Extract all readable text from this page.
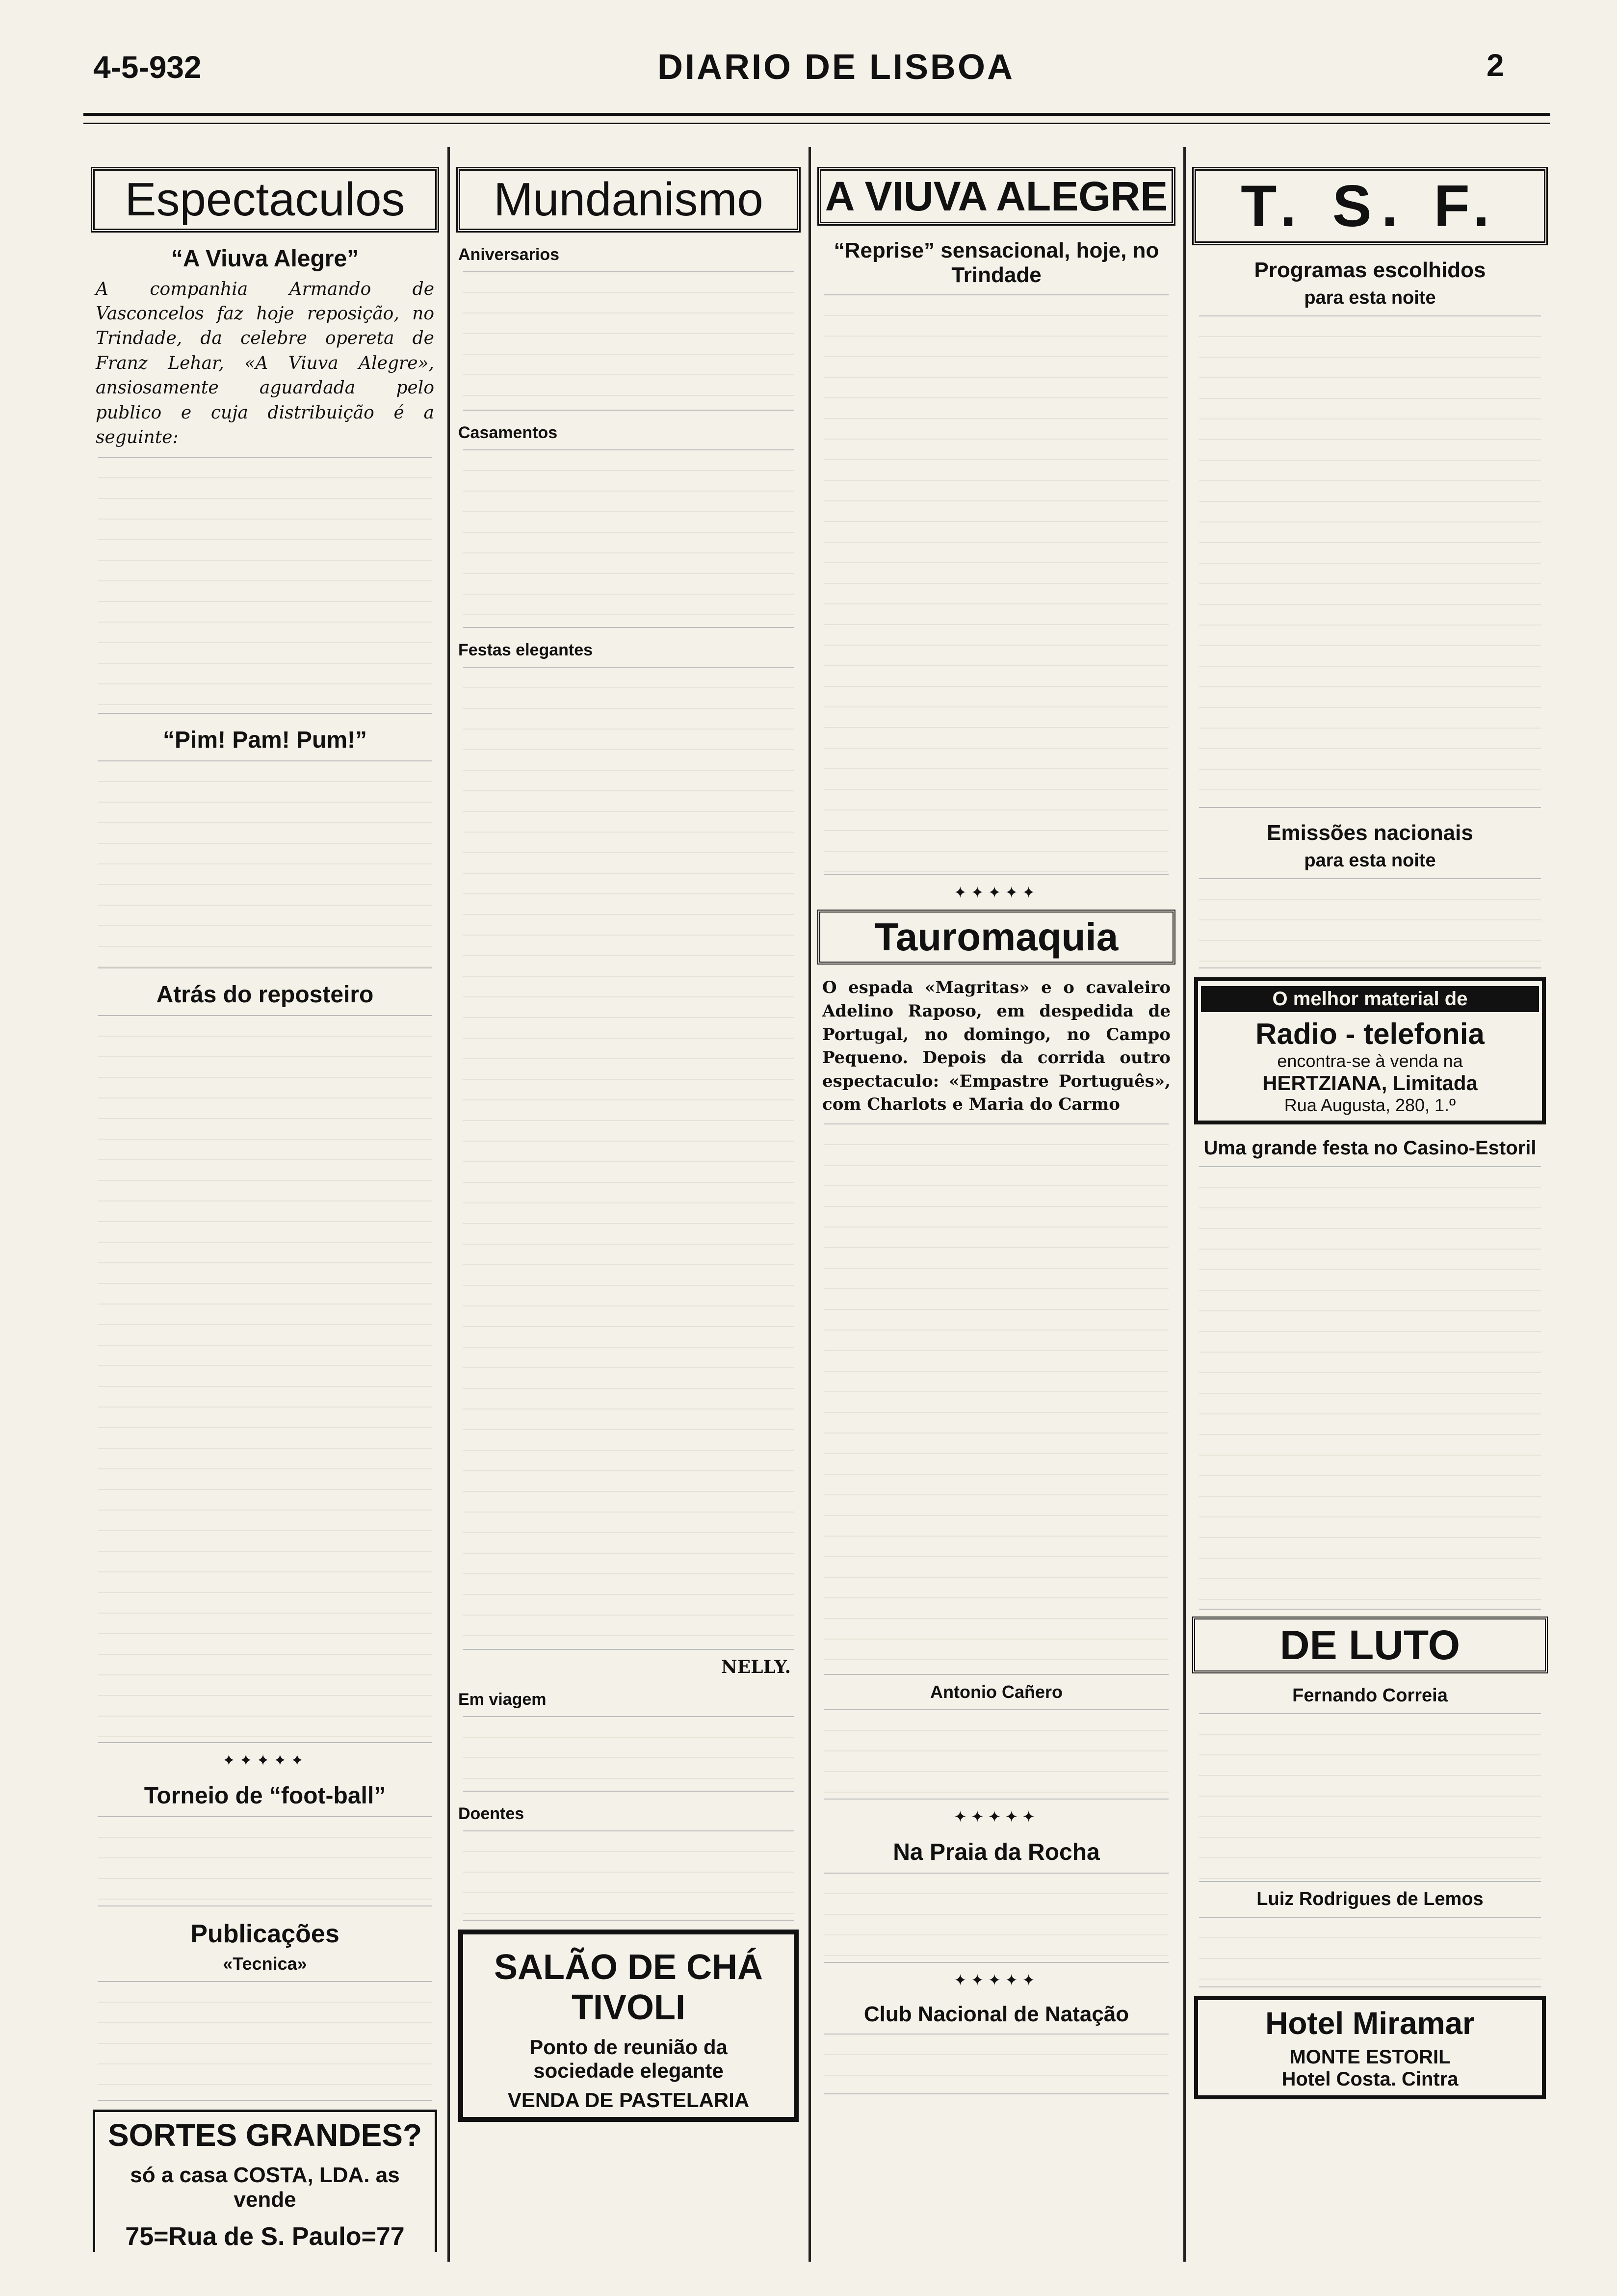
4-5-932	DIARIO DE LISBOA	2
Espectaculos
“A Viuva Alegre”
A companhia Armando de Vasconcelos faz hoje reposição, no Trindade, da celebre opereta de Franz Lehar, «A Viuva Alegre», ansiosamente aguardada pelo publico e cuja distribuição é a seguinte:
“Pim! Pam! Pum!”
Atrás do reposteiro
✦✦✦✦✦
Torneio de “foot-ball”
Publicações
«Tecnica»
SORTES GRANDES?
só a casa COSTA, LDA. as vende
75=Rua de S. Paulo=77
Mundanismo
Aniversarios
Casamentos
Festas elegantes
NELLY.
Em viagem
Doentes
SALÃO DE CHÁ TIVOLI
Ponto de reunião da
sociedade elegante
VENDA DE PASTELARIA
A VIUVA ALEGRE
“Reprise” sensacional, hoje, no Trindade
✦✦✦✦✦
Tauromaquia
O espada «Magritas» e o cavaleiro Adelino Raposo, em despedida de Portugal, no domingo, no Campo Pequeno. Depois da corrida outro espectaculo: «Empastre Português», com Charlots e Maria do Carmo
Antonio Cañero
✦✦✦✦✦
Na Praia da Rocha
✦✦✦✦✦
Club Nacional de Natação
T. S. F.
Programas escolhidos
para esta noite
Emissões nacionais
para esta noite
O melhor material de
Radio - telefonia
encontra-se à venda na
HERTZIANA, Limitada
Rua Augusta, 280, 1.º
Uma grande festa no Casino-Estoril
DE LUTO
Fernando Correia
Luiz Rodrigues de Lemos
Hotel Miramar
MONTE ESTORIL
Hotel Costa. Cintra
